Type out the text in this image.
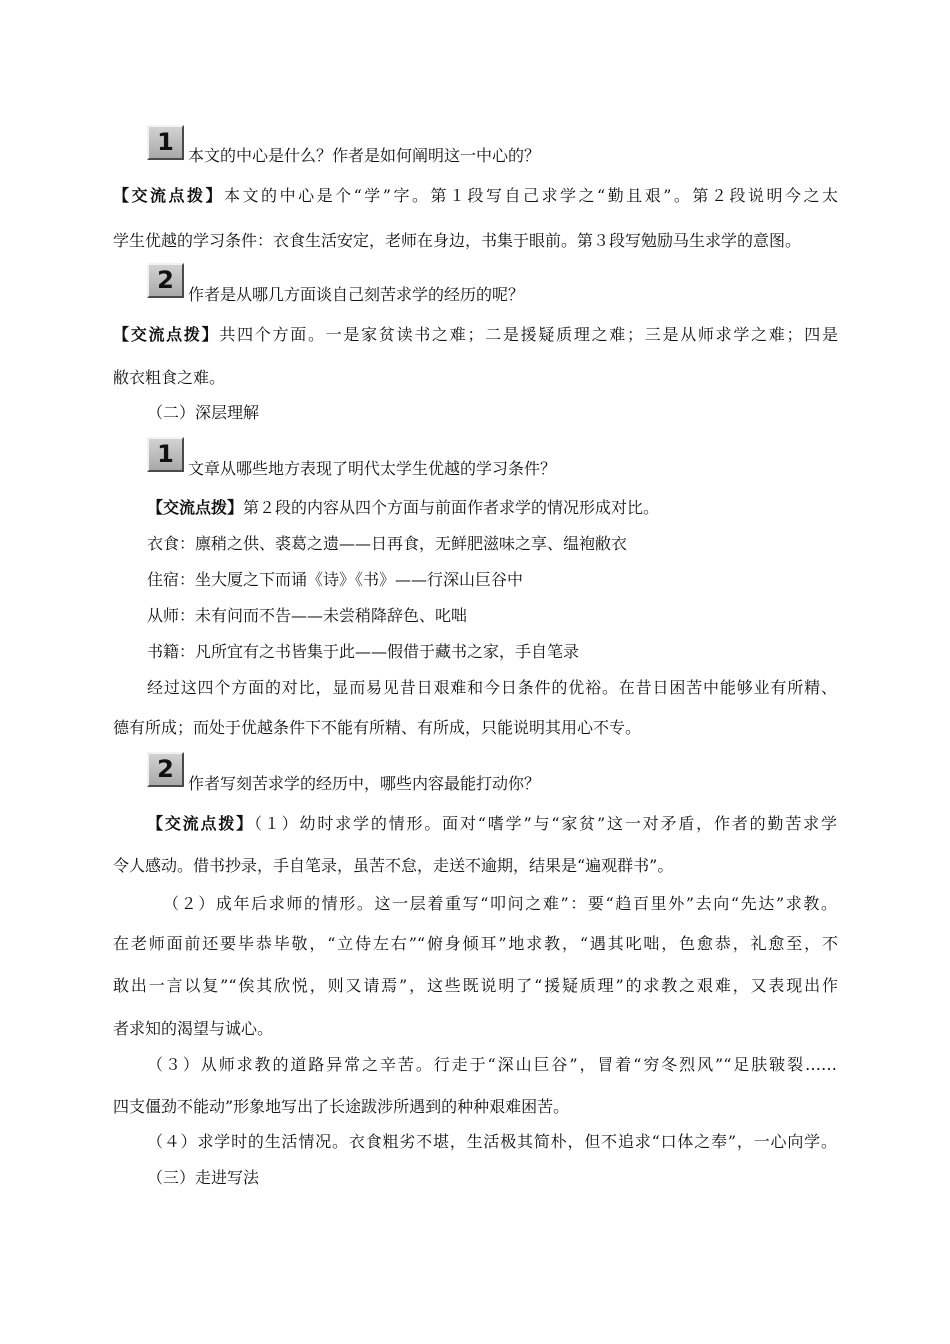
1 本文的中心是什么？作者是如何阐明这一中心的？
【交流点拨】本文的中心是个“学”字。第１段写自己求学之“勤且艰”。第２段说明今之太
学生优越的学习条件：衣食生活安定，老师在身边，书集于眼前。第３段写勉励马生求学的意图。
2
作者是从哪几方面谈自己刻苦求学的经历的呢？
【交流点拨】共四个方面。一是家贫读书之难；二是援疑质理之难；三是从师求学之难；四是
敝衣粗食之难。
（二）深层理解
1
文章从哪些地方表现了明代太学生优越的学习条件？
【交流点拨】第２段的内容从四个方面与前面作者求学的情况形成对比。
衣食：廪稍之供、裘葛之遗——日再食，无鲜肥滋味之享、缊袍敝衣
住宿：坐大厦之下而诵《诗》《书》——行深山巨谷中
从师：未有问而不告——未尝稍降辞色、叱咄
书籍：凡所宜有之书皆集于此——假借于藏书之家，手自笔录
经过这四个方面的对比，显而易见昔日艰难和今日条件的优裕。在昔日困苦中能够业有所精、
德有所成；而处于优越条件下不能有所精、有所成，只能说明其用心不专。
2
作者写刻苦求学的经历中，哪些内容最能打动你？
【交流点拨】（１）幼时求学的情形。面对“嗜学”与“家贫”这一对矛盾，作者的勤苦求学
令人感动。借书抄录，手自笔录，虽苦不怠，走送不逾期，结果是“遍观群书”。
（２）成年后求师的情形。这一层着重写“叩问之难”：要“趋百里外”去向“先达”求教。
在老师面前还要毕恭毕敬，“立侍左右”“俯身倾耳”地求教，“遇其叱咄，色愈恭，礼愈至，不
敢出一言以复”“俟其欣悦，则又请焉”，这些既说明了“援疑质理”的求教之艰难，又表现出作
者求知的渴望与诚心。
（３）从师求教的道路异常之辛苦。行走于“深山巨谷”，冒着“穷冬烈风”“足肤皲裂……
四支僵劲不能动”形象地写出了长途跋涉所遇到的种种艰难困苦。
（４）求学时的生活情况。衣食粗劣不堪，生活极其简朴，但不追求“口体之奉”，一心向学。
（三）走进写法
